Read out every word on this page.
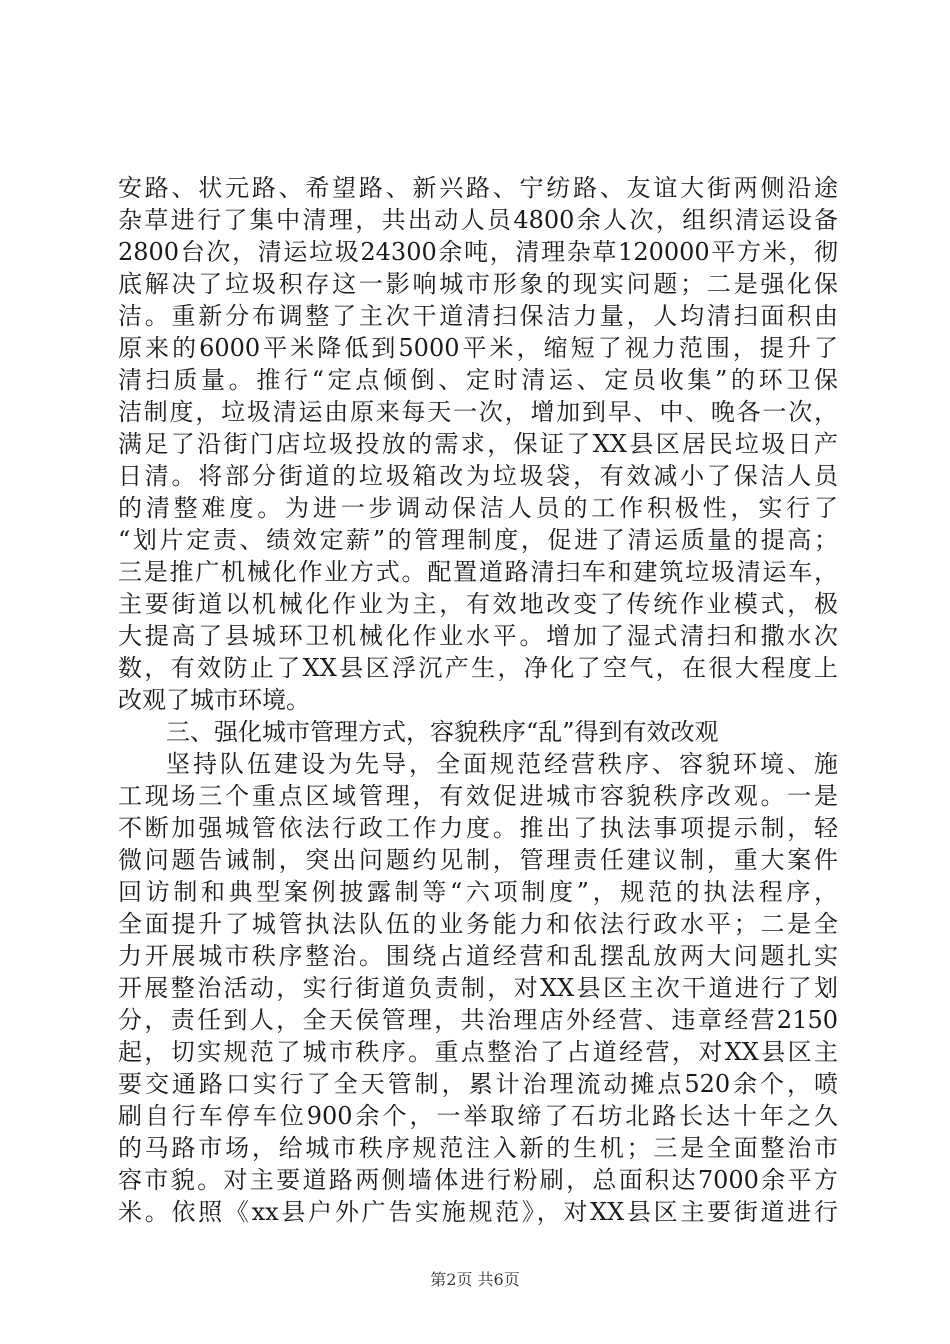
安路、状元路、希望路、新兴路、宁纺路、友谊大街两侧沿途
杂草进行了集中清理，共出动人员4800余人次，组织清运设备
2800台次，清运垃圾24300余吨，清理杂草120000平方米，彻
底解决了垃圾积存这一影响城市形象的现实问题；二是强化保
洁。重新分布调整了主次干道清扫保洁力量，人均清扫面积由
原来的6000平米降低到5000平米，缩短了视力范围，提升了
清扫质量。推行“定点倾倒、定时清运、定员收集”的环卫保
洁制度，垃圾清运由原来每天一次，增加到早、中、晚各一次，
满足了沿街门店垃圾投放的需求，保证了XX县区居民垃圾日产
日清。将部分街道的垃圾箱改为垃圾袋，有效减小了保洁人员
的清整难度。为进一步调动保洁人员的工作积极性，实行了
“划片定责、绩效定薪”的管理制度，促进了清运质量的提高；
三是推广机械化作业方式。配置道路清扫车和建筑垃圾清运车，
主要街道以机械化作业为主，有效地改变了传统作业模式，极
大提高了县城环卫机械化作业水平。增加了湿式清扫和撒水次
数，有效防止了XX县区浮沉产生，净化了空气，在很大程度上
改观了城市环境。
三、强化城市管理方式，容貌秩序“乱”得到有效改观
坚持队伍建设为先导，全面规范经营秩序、容貌环境、施
工现场三个重点区域管理，有效促进城市容貌秩序改观。一是
不断加强城管依法行政工作力度。推出了执法事项提示制，轻
微问题告诫制，突出问题约见制，管理责任建议制，重大案件
回访制和典型案例披露制等“六项制度”，规范的执法程序，
全面提升了城管执法队伍的业务能力和依法行政水平；二是全
力开展城市秩序整治。围绕占道经营和乱摆乱放两大问题扎实
开展整治活动，实行街道负责制，对XX县区主次干道进行了划
分，责任到人，全天侯管理，共治理店外经营、违章经营2150
起，切实规范了城市秩序。重点整治了占道经营，对XX县区主
要交通路口实行了全天管制，累计治理流动摊点520余个，喷
刷自行车停车位900余个，一举取缔了石坊北路长达十年之久
的马路市场，给城市秩序规范注入新的生机；三是全面整治市
容市貌。对主要道路两侧墙体进行粉刷，总面积达7000余平方
米。依照《xx县户外广告实施规范》，对XX县区主要街道进行
第2页 共6页
